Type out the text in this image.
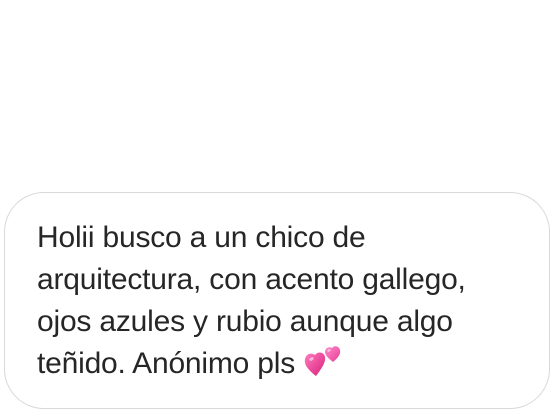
Holii busco a un chico de
arquitectura, con acento gallego,
ojos azules y rubio aunque algo
teñido. Anónimo pls
